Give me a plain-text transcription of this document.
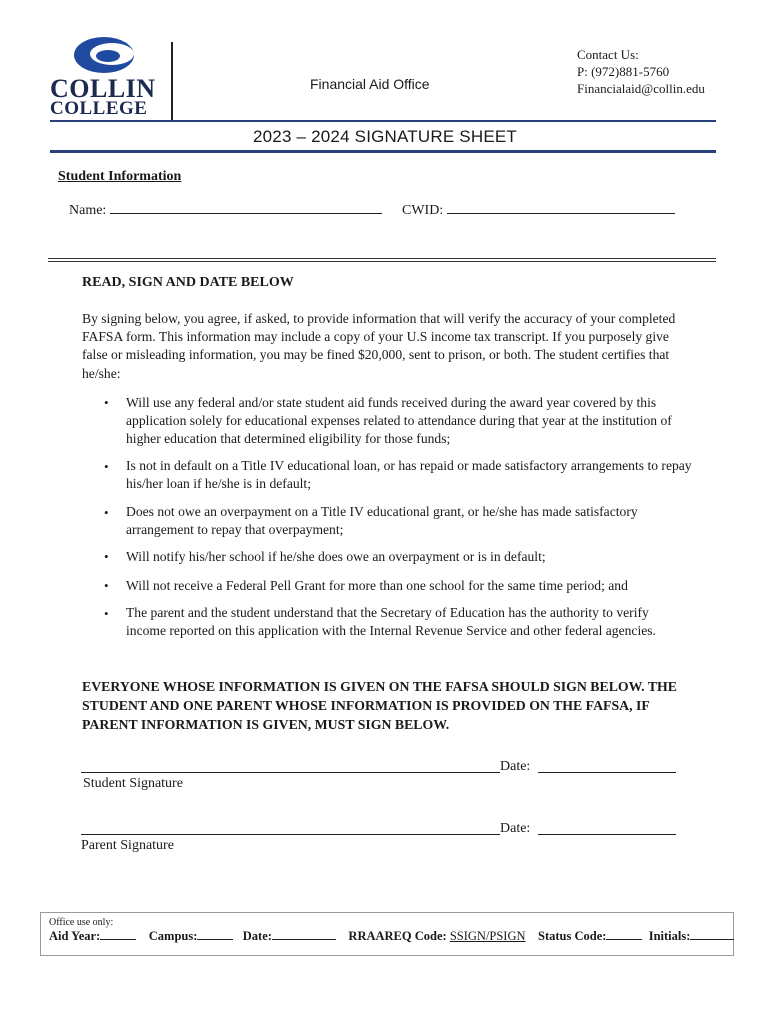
COLLIN
COLLEGE
Financial Aid Office
Contact Us:
P: (972)881-5760
Financialaid@collin.edu
2023 – 2024 SIGNATURE SHEET
Student Information
Name:	CWID:
READ, SIGN AND DATE BELOW
By signing below, you agree, if asked, to provide information that will verify the accuracy of your completed FAFSA form. This information may include a copy of your U.S income tax transcript. If you purposely give false or misleading information, you may be fined $20,000, sent to prison, or both. The student certifies that he/she:
• Will use any federal and/or state student aid funds received during the award year covered by this application solely for educational expenses related to attendance during that year at the institution of higher education that determined eligibility for those funds;
• Is not in default on a Title IV educational loan, or has repaid or made satisfactory arrangements to repay his/her loan if he/she is in default;
• Does not owe an overpayment on a Title IV educational grant, or he/she has made satisfactory arrangement to repay that overpayment;
• Will notify his/her school if he/she does owe an overpayment or is in default;
• Will not receive a Federal Pell Grant for more than one school for the same time period; and
• The parent and the student understand that the Secretary of Education has the authority to verify income reported on this application with the Internal Revenue Service and other federal agencies.
EVERYONE WHOSE INFORMATION IS GIVEN ON THE FAFSA SHOULD SIGN BELOW. THE STUDENT AND ONE PARENT WHOSE INFORMATION IS PROVIDED ON THE FAFSA, IF PARENT INFORMATION IS GIVEN, MUST SIGN BELOW.
Date:
Student Signature
Date:
Parent Signature
Office use only:
Aid Year:	Campus:	Date:	RRAAREQ Code: SSIGN/PSIGN Status Code:	Initials:
